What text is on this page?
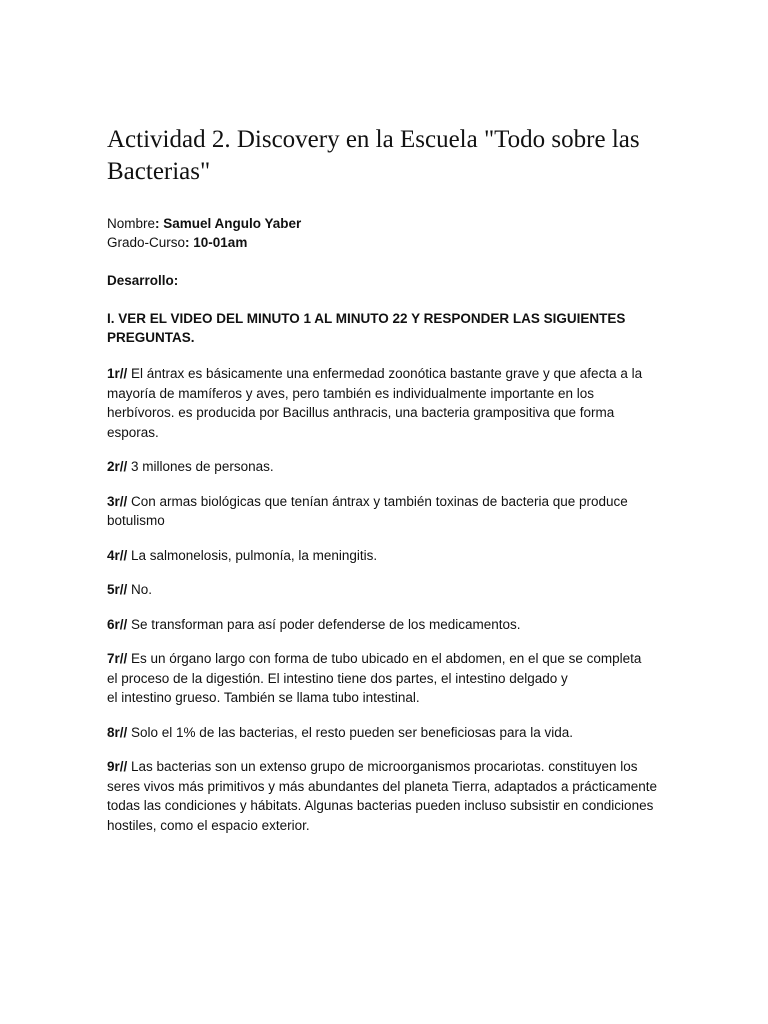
Actividad 2. Discovery en la Escuela "Todo sobre las Bacterias"
Nombre: Samuel Angulo Yaber
Grado-Curso: 10-01am
Desarrollo:
I. VER EL VIDEO DEL MINUTO 1 AL MINUTO 22 Y RESPONDER LAS SIGUIENTES PREGUNTAS.
1r// El ántrax es básicamente una enfermedad zoonótica bastante grave y que afecta a la mayoría de mamíferos y aves, pero también es individualmente importante en los herbívoros. es producida por Bacillus anthracis, una bacteria grampositiva que forma esporas.
2r// 3 millones de personas.
3r// Con armas biológicas que tenían ántrax y también toxinas de bacteria que produce botulismo
4r// La salmonelosis, pulmonía, la meningitis.
5r// No.
6r// Se transforman para así poder defenderse de los medicamentos.
7r// Es un órgano largo con forma de tubo ubicado en el abdomen, en el que se completa
el proceso de la digestión. El intestino tiene dos partes, el intestino delgado y
el intestino grueso. También se llama tubo intestinal.
8r// Solo el 1% de las bacterias, el resto pueden ser beneficiosas para la vida.
9r// Las bacterias son un extenso grupo de microorganismos procariotas. constituyen los seres vivos más primitivos y más abundantes del planeta Tierra, adaptados a prácticamente todas las condiciones y hábitats. Algunas bacterias pueden incluso subsistir en condiciones hostiles, como el espacio exterior.
